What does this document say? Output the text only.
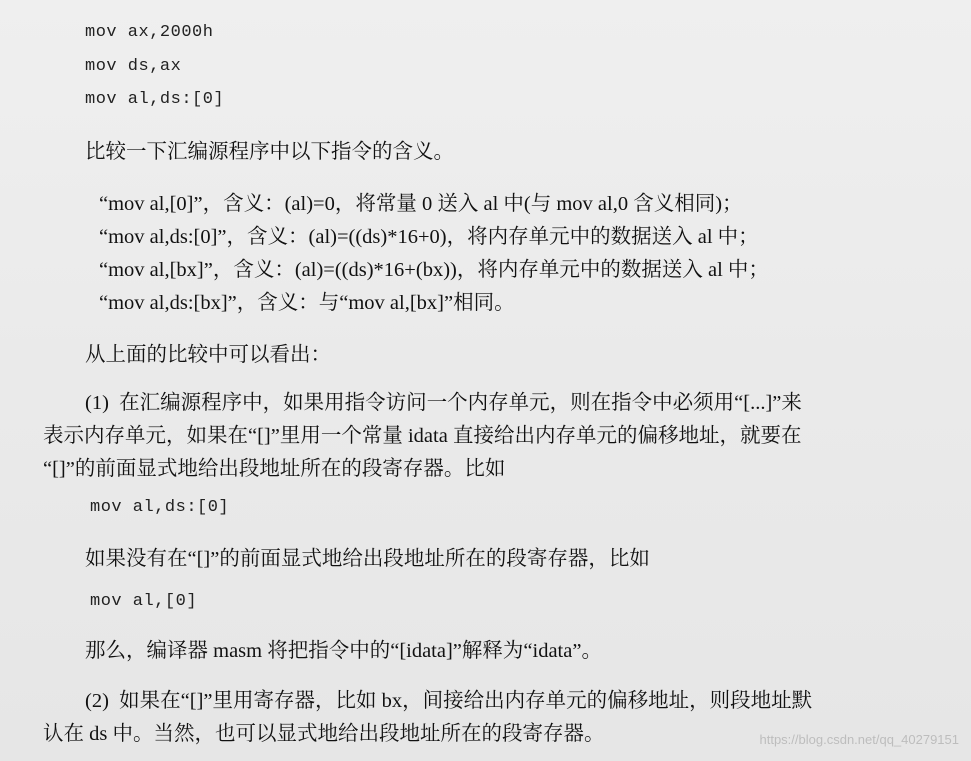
mov ax,2000h
mov ds,ax
mov al,ds:[0]
比较一下汇编源程序中以下指令的含义。
“mov al,[0]”，含义：(al)=0，将常量 0 送入 al 中(与 mov al,0 含义相同)；
“mov al,ds:[0]”，含义：(al)=((ds)*16+0)，将内存单元中的数据送入 al 中；
“mov al,[bx]”，含义：(al)=((ds)*16+(bx))，将内存单元中的数据送入 al 中；
“mov al,ds:[bx]”，含义：与“mov al,[bx]”相同。
从上面的比较中可以看出：
(1)  在汇编源程序中，如果用指令访问一个内存单元，则在指令中必须用“[...]”来
表示内存单元，如果在“[]”里用一个常量 idata 直接给出内存单元的偏移地址，就要在
“[]”的前面显式地给出段地址所在的段寄存器。比如
mov al,ds:[0]
如果没有在“[]”的前面显式地给出段地址所在的段寄存器，比如
mov al,[0]
那么，编译器 masm 将把指令中的“[idata]”解释为“idata”。
(2)  如果在“[]”里用寄存器，比如 bx，间接给出内存单元的偏移地址，则段地址默
认在 ds 中。当然，也可以显式地给出段地址所在的段寄存器。	https://blog.csdn.net/qq_40279151
